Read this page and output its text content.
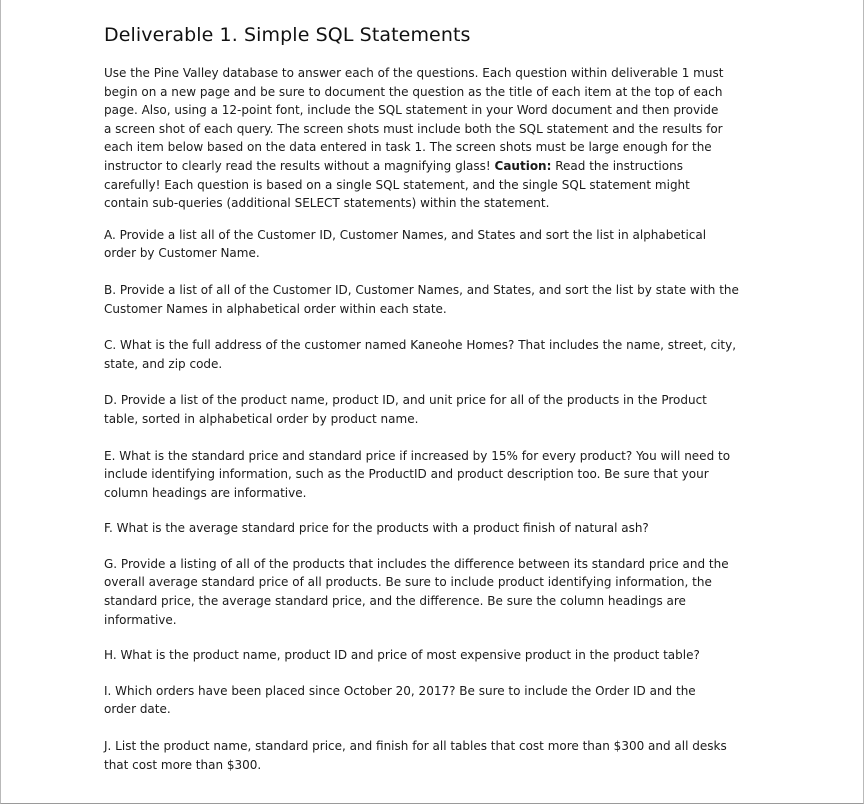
Deliverable 1. Simple SQL Statements
Use the Pine Valley database to answer each of the questions. Each question within deliverable 1 must
begin on a new page and be sure to document the question as the title of each item at the top of each
page. Also, using a 12-point font, include the SQL statement in your Word document and then provide
a screen shot of each query. The screen shots must include both the SQL statement and the results for
each item below based on the data entered in task 1. The screen shots must be large enough for the
instructor to clearly read the results without a magnifying glass! Caution: Read the instructions
carefully! Each question is based on a single SQL statement, and the single SQL statement might
contain sub-queries (additional SELECT statements) within the statement.
A. Provide a list all of the Customer ID, Customer Names, and States and sort the list in alphabetical
order by Customer Name.
B. Provide a list of all of the Customer ID, Customer Names, and States, and sort the list by state with the
Customer Names in alphabetical order within each state.
C. What is the full address of the customer named Kaneohe Homes? That includes the name, street, city,
state, and zip code.
D. Provide a list of the product name, product ID, and unit price for all of the products in the Product
table, sorted in alphabetical order by product name.
E. What is the standard price and standard price if increased by 15% for every product? You will need to
include identifying information, such as the ProductID and product description too. Be sure that your
column headings are informative.
F. What is the average standard price for the products with a product finish of natural ash?
G. Provide a listing of all of the products that includes the difference between its standard price and the
overall average standard price of all products. Be sure to include product identifying information, the
standard price, the average standard price, and the difference. Be sure the column headings are
informative.
H. What is the product name, product ID and price of most expensive product in the product table?
I. Which orders have been placed since October 20, 2017? Be sure to include the Order ID and the
order date.
J. List the product name, standard price, and finish for all tables that cost more than $300 and all desks
that cost more than $300.
